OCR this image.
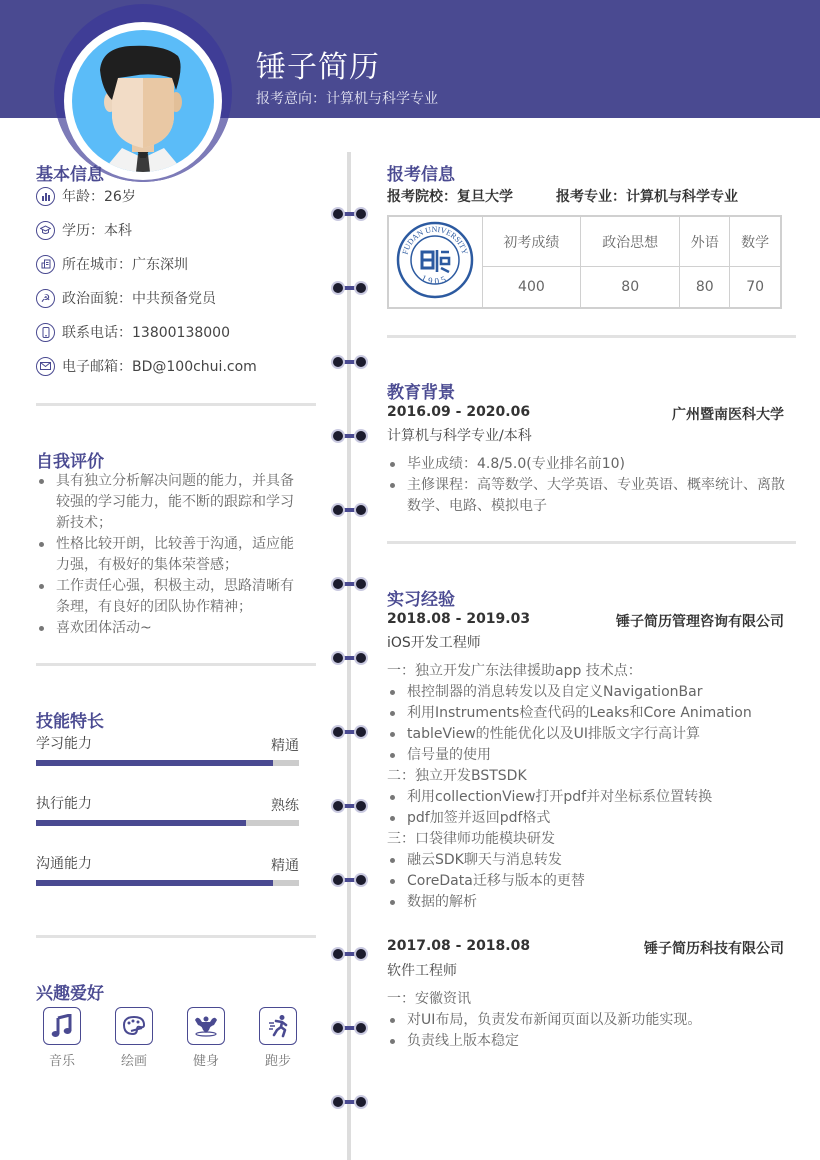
锤子简历
报考意向：计算机与科学专业
基本信息
年龄：26岁
学历：本科
所在城市：广东深圳
☭ 政治面貌：中共预备党员
联系电话：13800138000
电子邮箱：BD@100chui.com
自我评价
具有独立分析解决问题的能力，并具备较强的学习能力，能不断的跟踪和学习新技术；
性格比较开朗，比较善于沟通，适应能力强，有极好的集体荣誉感；
工作责任心强，积极主动，思路清晰有条理，有良好的团队协作精神；
喜欢团体活动~
技能特长
学习能力	精通
执行能力	熟练
沟通能力	精通
兴趣爱好
音乐	绘画	健身	跑步
报考信息
报考院校：复旦大学	报考专业：计算机与科学专业
FUDAN UNIVERSITY
1905	初考成绩	政治思想	外语	数学
	400	80	80	70
教育背景
2016.09 - 2020.06	广州暨南医科大学
计算机与科学专业/本科
毕业成绩：4.8/5.0(专业排名前10)
主修课程：高等数学、大学英语、专业英语、概率统计、离散数学、电路、模拟电子
实习经验
2018.08 - 2019.03	锤子简历管理咨询有限公司
iOS开发工程师
一：独立开发广东法律援助app 技术点：
根控制器的消息转发以及自定义NavigationBar
利用Instruments检查代码的Leaks和Core Animation
tableView的性能优化以及UI排版文字行高计算
信号量的使用
二：独立开发BSTSDK
利用collectionView打开pdf并对坐标系位置转换
pdf加签并返回pdf格式
三：口袋律师功能模块研发
融云SDK聊天与消息转发
CoreData迁移与版本的更替
数据的解析
2017.08 - 2018.08	锤子简历科技有限公司
软件工程师
一：安徽资讯
对UI布局，负责发布新闻页面以及新功能实现。
负责线上版本稳定
